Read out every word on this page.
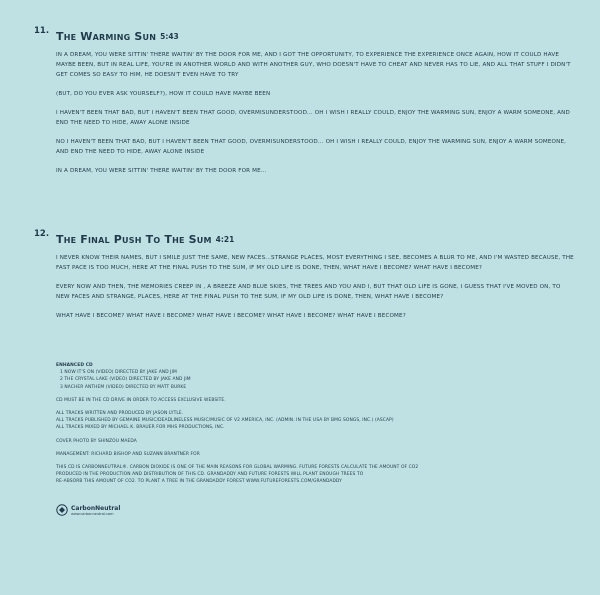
11. The Warming Sun 5:43

IN A DREAM, YOU WERE SITTIN' THERE WAITIN' BY THE DOOR FOR ME, AND I GOT THE OPPORTUNITY, TO EXPERIENCE THE EXPERIENCE ONCE AGAIN, HOW IT COULD HAVE MAYBE BEEN, BUT IN REAL LIFE, YOU'RE IN ANOTHER WORLD AND WITH ANOTHER GUY, WHO DOESN'T HAVE TO CHEAT AND NEVER HAS TO LIE, AND ALL THAT STUFF I DIDN'T GET COMES SO EASY TO HIM, HE DOESN'T EVEN HAVE TO TRY

(BUT, DO YOU EVER ASK YOURSELF?), HOW IT COULD HAVE MAYBE BEEN

I HAVEN'T BEEN THAT BAD, BUT I HAVEN'T BEEN THAT GOOD, OVERMISUNDERSTOOD... OH I WISH I REALLY COULD, ENJOY THE WARMING SUN, ENJOY A WARM SOMEONE, AND END THE NEED TO HIDE, AWAY ALONE INSIDE

NO I HAVEN'T BEEN THAT BAD, BUT I HAVEN'T BEEN THAT GOOD, OVERMISUNDERSTOOD... OH I WISH I REALLY COULD, ENJOY THE WARMING SUN, ENJOY A WARM SOMEONE, AND END THE NEED TO HIDE, AWAY ALONE INSIDE

IN A DREAM, YOU WERE SITTIN' THERE WAITIN' BY THE DOOR FOR ME...

12. The Final Push To The Sum 4:21

I NEVER KNOW THEIR NAMES, BUT I SMILE JUST THE SAME, NEW FACES...STRANGE PLACES, MOST EVERYTHING I SEE, BECOMES A BLUR TO ME, AND I'M WASTED BECAUSE, THE FAST PACE IS TOO MUCH, HERE AT THE FINAL PUSH TO THE SUM, IF MY OLD LIFE IS DONE, THEN, WHAT HAVE I BECOME? WHAT HAVE I BECOME?

EVERY NOW AND THEN, THE MEMORIES CREEP IN , A BREEZE AND BLUE SKIES, THE TREES AND YOU AND I, BUT THAT OLD LIFE IS GONE, I GUESS THAT I'VE MOVED ON, TO NEW FACES AND STRANGE, PLACES, HERE AT THE FINAL PUSH TO THE SUM, IF MY OLD LIFE IS DONE, THEN, WHAT HAVE I BECOME?

WHAT HAVE I BECOME? WHAT HAVE I BECOME? WHAT HAVE I BECOME? WHAT HAVE I BECOME? WHAT HAVE I BECOME?

ENHANCED CD
1 NOW IT'S ON (VIDEO) DIRECTED BY JAKE AND JIM
2 THE CRYSTAL LAKE (VIDEO) DIRECTED BY JAKE AND JIM
3 NACHER ANTHEM (VIDEO) DIRECTED BY MATT BURKE
CD MUST BE IN THE CD DRIVE IN ORDER TO ACCESS EXCLUSIVE WEBSITE.
ALL TRACKS WRITTEN AND PRODUCED BY JASON LYTLE.
ALL TRACKS PUBLISHED BY GEMAINE MUSIC/DEADLINELESS MUSIC/MUSIC OF V2 AMERICA, INC. (ADMIN. IN THE USA BY BMG SONGS, INC.) (ASCAP)
ALL TRACKS MIXED BY MICHAEL K. BRAUER FOR MHS PRODUCTIONS, INC.
COVER PHOTO BY SHINZOU MAEDA
MANAGEMENT: RICHARD BISHOP AND SUZANN BRANTNER FOR
THIS CD IS CARBONNEUTRAL®. CARBON DIOXIDE IS ONE OF THE MAIN REASONS FOR GLOBAL WARMING. FUTURE FORESTS CALCULATE THE AMOUNT OF CO2
PRODUCED IN THE PRODUCTION AND DISTRIBUTION OF THIS CD. GRANDADDY AND FUTURE FORESTS WILL PLANT ENOUGH TREES TO
RE-ABSORB THIS AMOUNT OF CO2. TO PLANT A TREE IN THE GRANDADDY FOREST WWW.FUTUREFORESTS.COM/GRANDADDY
CarbonNeutral
www.carbonneutral.com
